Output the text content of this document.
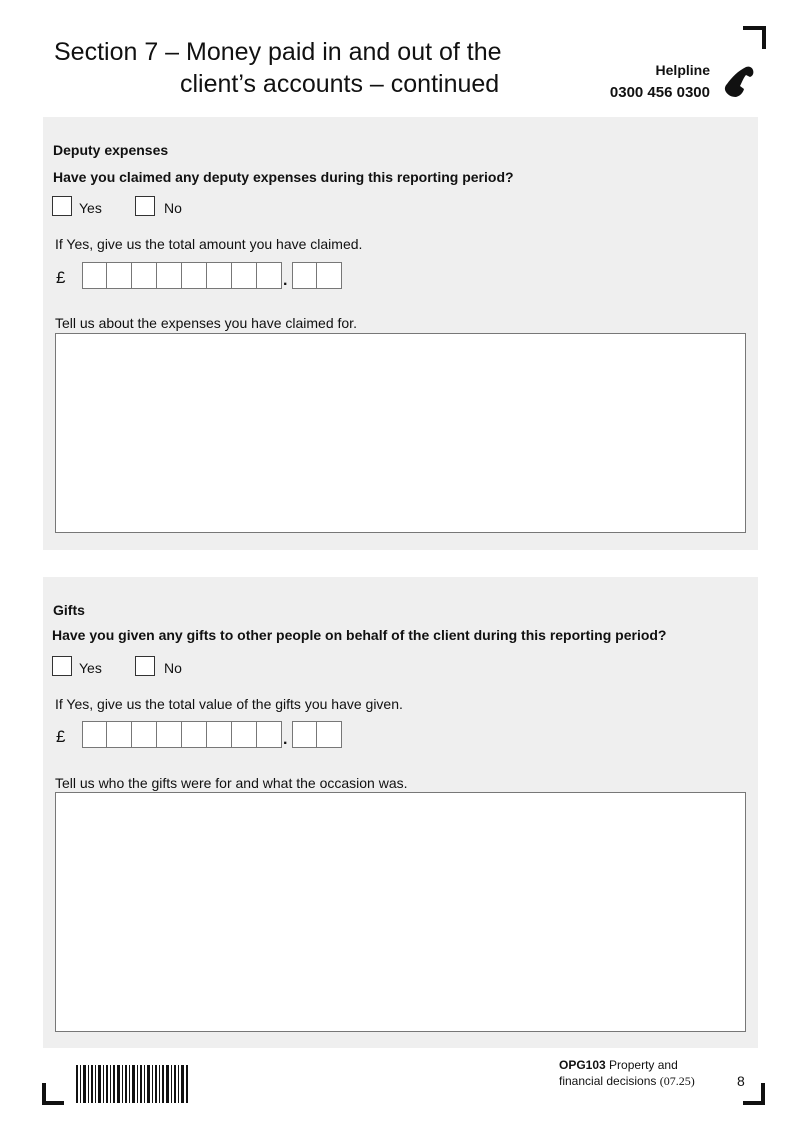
Section 7 – Money paid in and out of the
client’s accounts – continued	Helpline
0300 456 0300
Deputy expenses
Have you claimed any deputy expenses during this reporting period?
Yes	No
If Yes, give us the total amount you have claimed.
£	.
Tell us about the expenses you have claimed for.
Gifts
Have you given any gifts to other people on behalf of the client during this reporting period?
Yes	No
If Yes, give us the total value of the gifts you have given.
£	.
Tell us who the gifts were for and what the occasion was.
OPG103 Property and
financial decisions (07.25)	8
